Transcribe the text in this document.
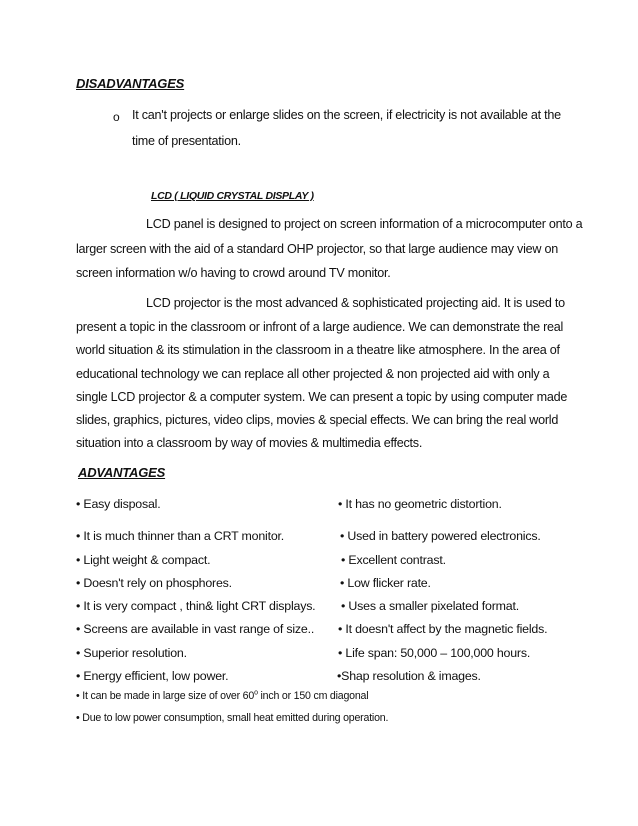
DISADVANTAGES
o It can't projects or enlarge slides on the screen, if electricity is not available at the
time of presentation.
LCD ( LIQUID CRYSTAL DISPLAY )
LCD panel is designed to project on screen information of a microcomputer onto a
larger screen with the aid of a standard OHP projector, so that large audience may view on
screen information w/o having to crowd around TV monitor.
LCD projector is the most advanced & sophisticated projecting aid. It is used to
present a topic in the classroom or infront of a large audience. We can demonstrate the real
world situation & its stimulation in the classroom in a theatre like atmosphere. In the area of
educational technology we can replace all other projected & non projected aid with only a
single LCD projector & a computer system. We can present a topic by using computer made
slides, graphics, pictures, video clips, movies & special effects. We can bring the real world
situation into a classroom by way of movies & multimedia effects.
ADVANTAGES
• Easy disposal.
• It is much thinner than a CRT monitor.
• Light weight & compact.
• Doesn't rely on phosphores.
• It is very compact , thin& light CRT displays.
• Screens are available in vast range of size..
• Superior resolution.
• Energy efficient, low power.
• It has no geometric distortion.
• Used in battery powered electronics.
• Excellent contrast.
• Low flicker rate.
• Uses a smaller pixelated format.
• It doesn't affect by the magnetic fields.
• Life span: 50,000 – 100,000 hours.
•Shap resolution & images.
• It can be made in large size of over 60$^o$ inch or 150 cm diagonal
• Due to low power consumption, small heat emitted during operation.
